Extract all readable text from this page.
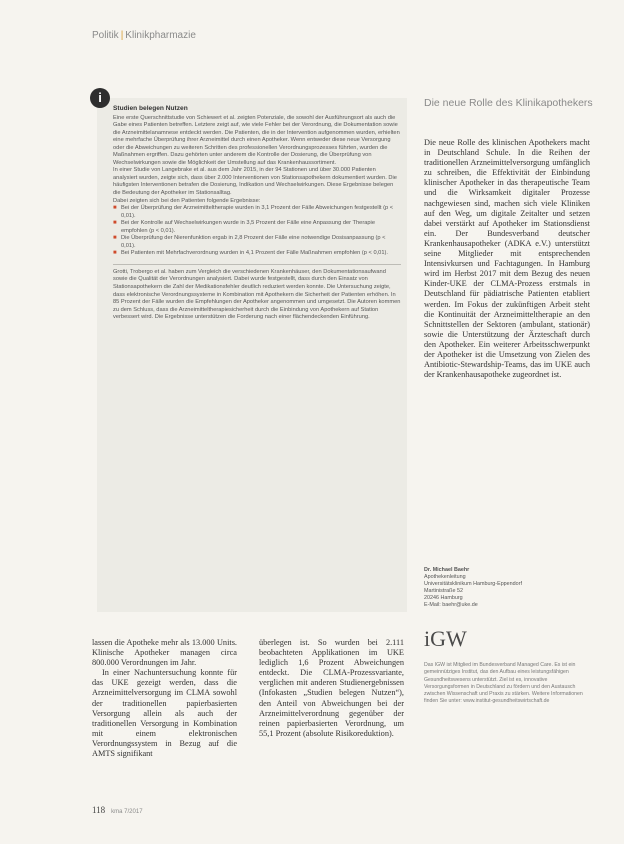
Politik | Klinikpharmazie
Studien belegen Nutzen

Eine erste Querschnittstudie von Schiewert et al. zeigten Potenziale, die sowohl der Ausführungsort als auch die Gabe eines Patienten betreffen. Letztere zeigt auf, wie viele Fehler bei der Verordnung, die Dokumentation sowie die Arzneimittelanamnese entdeckt werden. Die Patienten, die in der Intervention aufgenommen wurden, erhielten eine mehrfache Überprüfung ihrer Arzneimittel durch einen Apotheker. Wenn entweder diese neue Versorgung oder die Abweichungen zu weiteren Schritten des professionellen Verordnungsprozesses führten, wurden die Maßnahmen ergriffen. Dazu gehörten unter anderem die Kontrolle der Dosierung, die Überprüfung von Wechselwirkungen sowie die Möglichkeit der Umstellung auf das Krankenhaussortiment.

In einer Studie von Langebrake et al. aus dem Jahr 2015, in der 94 Stationen und über 30.000 Patienten analysiert wurden, zeigte sich, dass über 2.000 Interventionen von Stationsapothekern dokumentiert wurden. Die häufigsten Interventionen betrafen die Dosierung, Indikation und Wechselwirkungen. Diese Ergebnisse belegen die Bedeutung der Apotheker im Stationsalltag.

Dabei zeigten sich bei den Patienten folgende Ergebnisse:

■ Bei der Überprüfung der Arzneimitteltherapie wurden in 3,1 Prozent der Fälle Abweichungen festgestellt (p < 0,01).
■ Bei der Kontrolle auf Wechselwirkungen wurde in 3,5 Prozent der Fälle eine Anpassung der Therapie empfohlen (p < 0,01).
■ Die Überprüfung der Nierenfunktion ergab in 2,8 Prozent der Fälle eine notwendige Dosisanpassung (p < 0,01).
■ Bei Patienten mit Mehrfachverordnung wurden in 4,1 Prozent der Fälle Maßnahmen empfohlen (p < 0,01).

Grotti, Trobergo et al. haben zum Vergleich die verschiedenen Krankenhäuser, den Dokumentationsaufwand sowie die Qualität der Verordnungen analysiert. Dabei wurde festgestellt, dass durch den Einsatz von Stationsapothekern die Zahl der Medikationsfehler deutlich reduziert werden konnte. Die Untersuchung zeigte, dass elektronische Verordnungssysteme in Kombination mit Apothekern die Sicherheit der Patienten erhöhen. In 85 Prozent der Fälle wurden die Empfehlungen der Apotheker angenommen und umgesetzt. Die Autoren kommen zu dem Schluss, dass die Arzneimitteltherapiesicherheit durch die Einbindung von Apothekern auf Station verbessert wird. Die Ergebnisse unterstützen die Forderung nach einer flächendeckenden Einführung.

i	Die neue Rolle des Klinikapothekers

Die neue Rolle des klinischen Apothekers macht in Deutschland Schule. In die Reihen der traditionellen Arzneimittelversorgung umfänglich zu schreiben, die Effektivität der Einbindung klinischer Apotheker in das therapeutische Team und die Wirksamkeit digitaler Prozesse nachgewiesen sind, machen sich viele Kliniken auf den Weg, um digitale Zeitalter und setzen dabei verstärkt auf Apotheker im Stationsdienst ein. Der Bundesverband deutscher Krankenhausapotheker (ADKA e.V.) unterstützt seine Mitglieder mit entsprechenden Intensivkursen und Fachtagungen. In Hamburg wird im Herbst 2017 mit dem Bezug des neuen Kinder-UKE der CLMA-Prozess erstmals in Deutschland für pädiatrische Patienten etabliert werden. Im Fokus der zukünftigen Arbeit steht die Kontinuität der Arzneimitteltherapie an den Schnittstellen der Sektoren (ambulant, stationär) sowie die Unterstützung der Ärzteschaft durch den Apotheker. Ein weiterer Arbeitsschwerpunkt der Apotheker ist die Umsetzung von Zielen des Antibiotic-Stewardship-Teams, das im UKE auch der Krankenhausapotheke zugeordnet ist.

Dr. Michael Baehr
Apothekenleitung
Universitätsklinikum Hamburg-Eppendorf
Martinistraße 52
20246 Hamburg
E-Mail: baehr@uke.de
iGW
Das IGW ist Mitglied im Bundesverband Managed Care. Es ist ein gemeinnütziges Institut, das den Aufbau eines leistungsfähigen Gesundheitswesens unterstützt. Ziel ist es, innovative Versorgungsformen in Deutschland zu fördern und den Austausch zwischen Wissenschaft und Praxis zu stärken. Weitere Informationen finden Sie unter: www.institut-gesundheitswirtschaft.de

lassen die Apotheke mehr als 13.000 Units. Klinische Apotheker managen circa 800.000 Verordnungen im Jahr.

In einer Nachuntersuchung konnte für das UKE gezeigt werden, dass die Arzneimittelversorgung im CLMA sowohl der traditionellen papierbasierten Versorgung allein als auch der traditionellen Versorgung in Kombination mit einem elektronischen Verordnungssystem in Bezug auf die AMTS signifikant

überlegen ist. So wurden bei 2.111 beobachteten Applikationen im UKE lediglich 1,6 Prozent Abweichungen entdeckt. Die CLMA-Prozessvariante, verglichen mit anderen Studienergebnissen (Infokasten „Studien belegen Nutzen“), den Anteil von Abweichungen bei der Arzneimittelverordnung gegenüber der reinen papierbasierten Verordnung, um 55,1 Prozent (absolute Risikoreduktion).

118 kma 7/2017
